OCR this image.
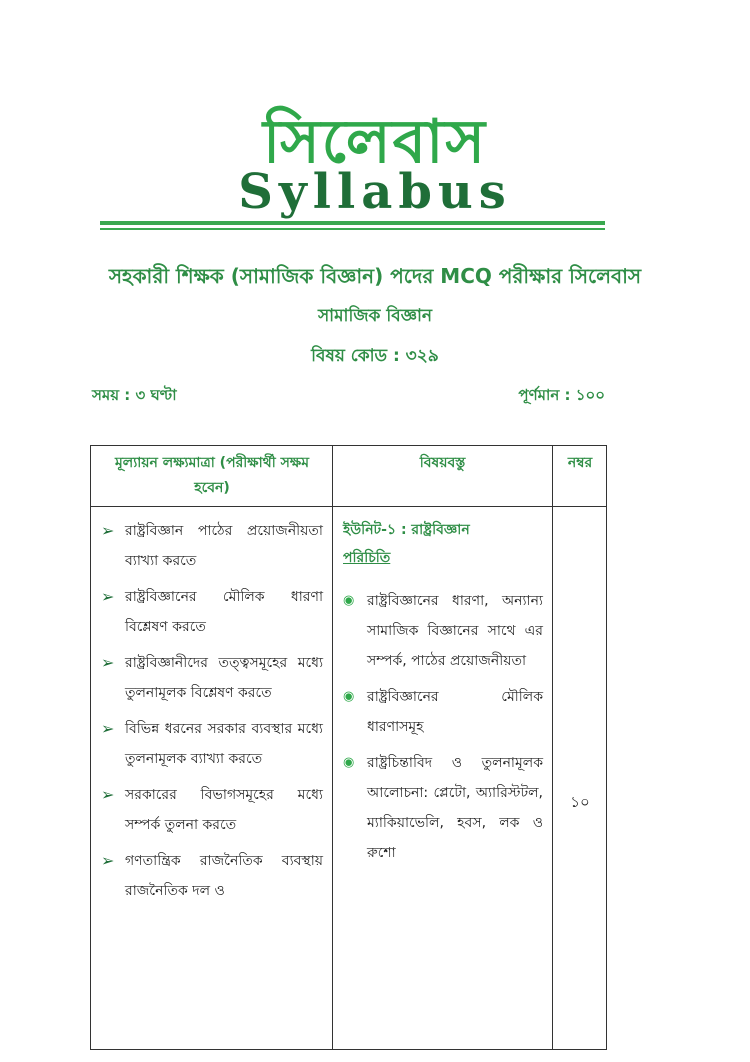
সিলেবাস
Syllabus
সহকারী শিক্ষক (সামাজিক বিজ্ঞান) পদের MCQ পরীক্ষার সিলেবাস
সামাজিক বিজ্ঞান
বিষয় কোড : ৩২৯
সময় : ৩ ঘণ্টা	পূর্ণমান : ১০০
মূল্যায়ন লক্ষ্যমাত্রা (পরীক্ষার্থী সক্ষম হবেন)
বিষয়বস্তু	নম্বর
➢ রাষ্ট্রবিজ্ঞান পাঠের প্রয়োজনীয়তা ব্যাখ্যা করতে
➢ রাষ্ট্রবিজ্ঞানের মৌলিক ধারণা বিশ্লেষণ করতে
➢ রাষ্ট্রবিজ্ঞানীদের তত্ত্বসমূহের মধ্যে তুলনামূলক বিশ্লেষণ করতে
➢ বিভিন্ন ধরনের সরকার ব্যবস্থার মধ্যে তুলনামূলক ব্যাখ্যা করতে
➢ সরকারের বিভাগসমূহের মধ্যে সম্পর্ক তুলনা করতে
➢ গণতান্ত্রিক রাজনৈতিক ব্যবস্থায় রাজনৈতিক দল ও
ইউনিট-১ : রাষ্ট্রবিজ্ঞান
পরিচিতি
◉ রাষ্ট্রবিজ্ঞানের ধারণা, অন্যান্য সামাজিক বিজ্ঞানের সাথে এর সম্পর্ক, পাঠের প্রয়োজনীয়তা
◉ রাষ্ট্রবিজ্ঞানের মৌলিক ধারণাসমূহ
◉ রাষ্ট্রচিন্তাবিদ ও তুলনামূলক আলোচনা: প্লেটো, অ্যারিস্টটল, ম্যাকিয়াভেলি, হবস, লক ও রুশো
১০
